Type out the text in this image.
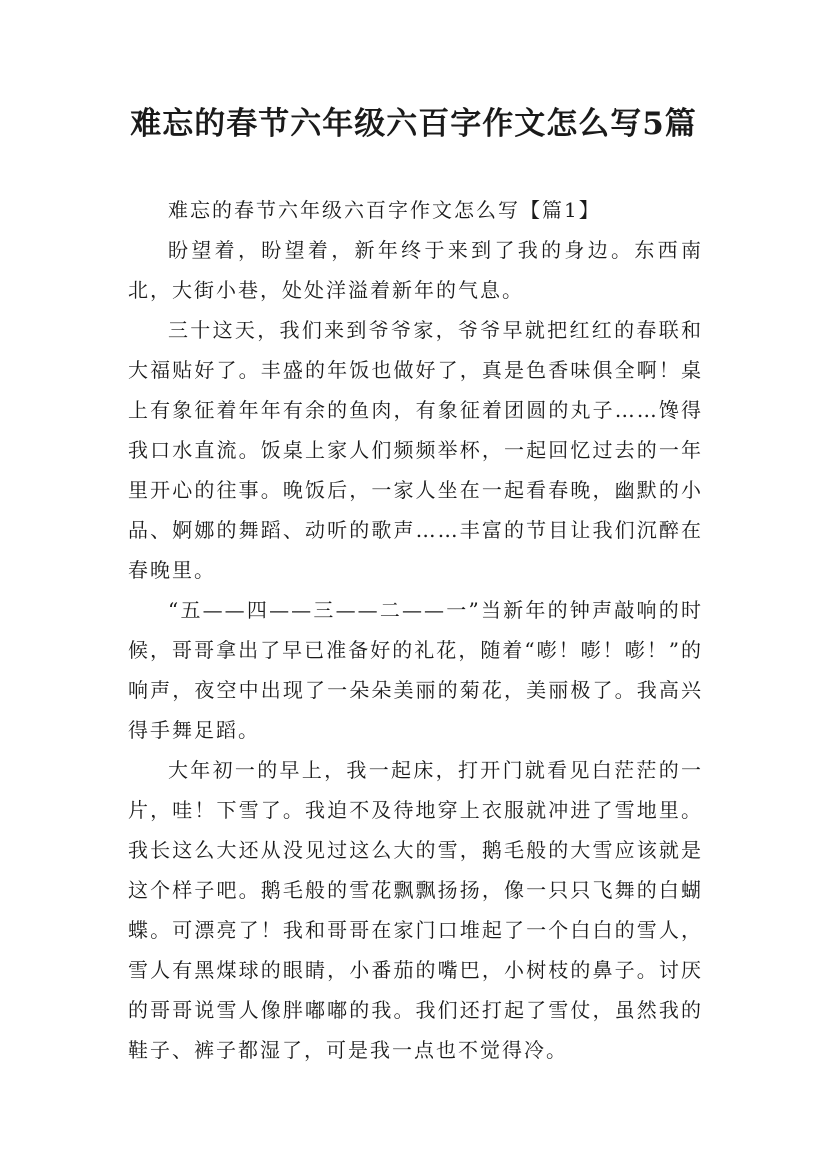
难忘的春节六年级六百字作文怎么写5篇

难忘的春节六年级六百字作文怎么写【篇1】

盼望着，盼望着，新年终于来到了我的身边。东西南北，大街小巷，处处洋溢着新年的气息。

三十这天，我们来到爷爷家，爷爷早就把红红的春联和大福贴好了。丰盛的年饭也做好了，真是色香味俱全啊！桌上有象征着年年有余的鱼肉，有象征着团圆的丸子……馋得我口水直流。饭桌上家人们频频举杯，一起回忆过去的一年里开心的往事。晚饭后，一家人坐在一起看春晚，幽默的小品、婀娜的舞蹈、动听的歌声……丰富的节目让我们沉醉在春晚里。

“五——四——三——二——一”当新年的钟声敲响的时候，哥哥拿出了早已准备好的礼花，随着“嘭！嘭！嘭！”的响声，夜空中出现了一朵朵美丽的菊花，美丽极了。我高兴得手舞足蹈。

大年初一的早上，我一起床，打开门就看见白茫茫的一片，哇！下雪了。我迫不及待地穿上衣服就冲进了雪地里。我长这么大还从没见过这么大的雪，鹅毛般的大雪应该就是这个样子吧。鹅毛般的雪花飘飘扬扬，像一只只飞舞的白蝴蝶。可漂亮了！我和哥哥在家门口堆起了一个白白的雪人，雪人有黑煤球的眼睛，小番茄的嘴巴，小树枝的鼻子。讨厌的哥哥说雪人像胖嘟嘟的我。我们还打起了雪仗，虽然我的鞋子、裤子都湿了，可是我一点也不觉得冷。
